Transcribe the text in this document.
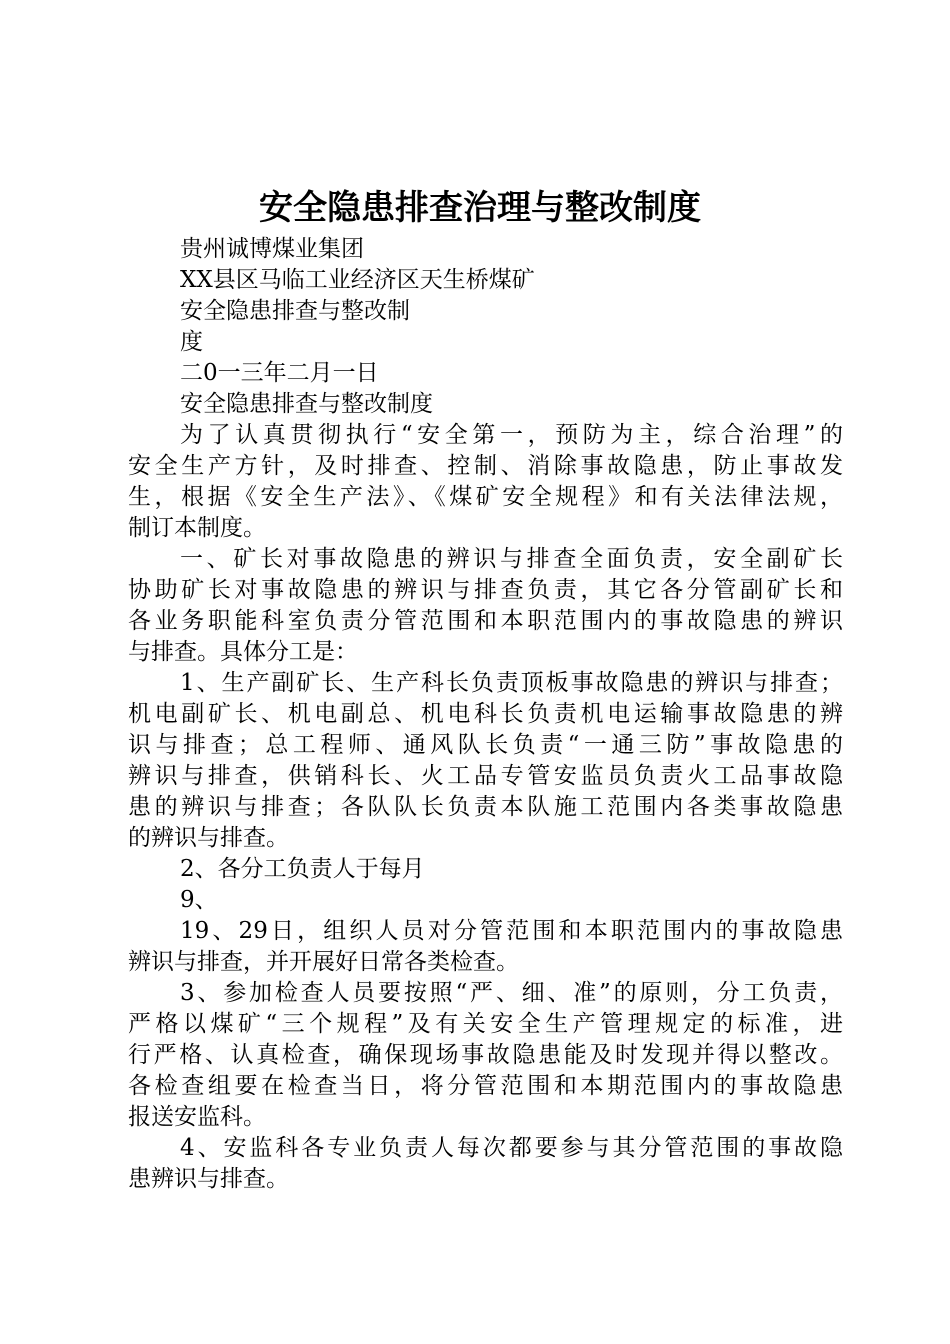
安全隐患排查治理与整改制度
贵州诚博煤业集团
XX县区马临工业经济区天生桥煤矿
安全隐患排查与整改制
度
二0一三年二月一日
安全隐患排查与整改制度
为了认真贯彻执行“安全第一，预防为主，综合治理”的
安全生产方针，及时排查、控制、消除事故隐患，防止事故发
生，根据《安全生产法》、《煤矿安全规程》和有关法律法规，
制订本制度。
一、矿长对事故隐患的辨识与排查全面负责，安全副矿长
协助矿长对事故隐患的辨识与排查负责，其它各分管副矿长和
各业务职能科室负责分管范围和本职范围内的事故隐患的辨识
与排查。具体分工是：
1、生产副矿长、生产科长负责顶板事故隐患的辨识与排查；
机电副矿长、机电副总、机电科长负责机电运输事故隐患的辨
识与排查；总工程师、通风队长负责“一通三防”事故隐患的
辨识与排查，供销科长、火工品专管安监员负责火工品事故隐
患的辨识与排查；各队队长负责本队施工范围内各类事故隐患
的辨识与排查。
2、各分工负责人于每月
9、
19、29日，组织人员对分管范围和本职范围内的事故隐患
辨识与排查，并开展好日常各类检查。
3、参加检查人员要按照“严、细、准”的原则，分工负责，
严格以煤矿“三个规程”及有关安全生产管理规定的标准，进
行严格、认真检查，确保现场事故隐患能及时发现并得以整改。
各检查组要在检查当日，将分管范围和本期范围内的事故隐患
报送安监科。
4、安监科各专业负责人每次都要参与其分管范围的事故隐
患辨识与排查。
